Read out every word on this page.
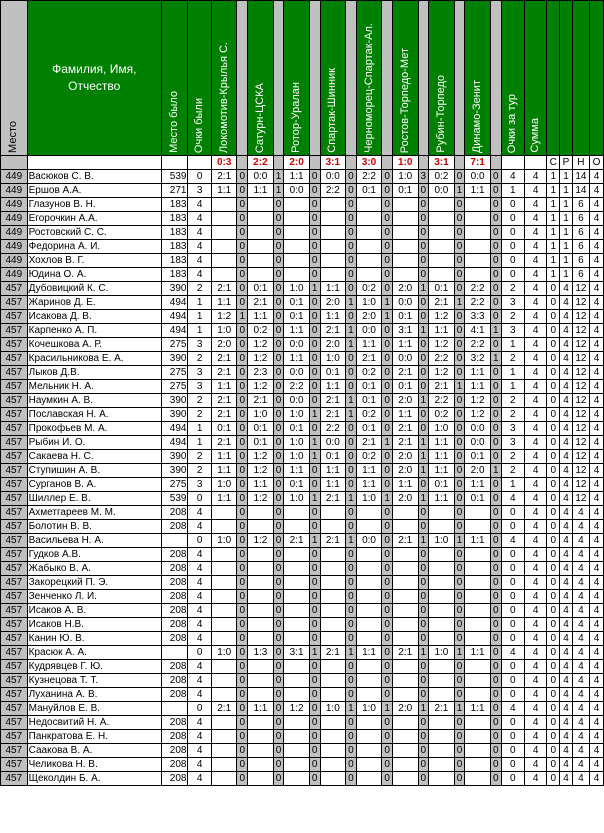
Место	Фамилия, Имя, Отчество	Место было	Очки были	Локомотив-Крылья С.		Сатурн-ЦСКА		Ротор-Уралан		Спартак-Шинник		Черноморец-Спартак-Ал.		Ростов-Торпедо-Мет		Рубин-Торпедо		Динамо-Зенит		Очки за тур	Сумма				

				0:3		2:2		2:0		3:1		3:0		1:0		3:1		7:1				С	Р	Н	О
449	Васюков С. В.	539	0	2:1	0	0:0	1	1:1	0	0:0	0	2:2	0	1:0	3	0:2	0	0:0	0	4	4	1	1	14	4
449	Ершов А.А.	271	3	1:1	0	1:1	1	0:0	0	2:2	0	0:1	0	0:1	0	0:0	1	1:1	0	1	4	1	1	14	4
449	Глазунов В. Н.	183	4		0		0		0		0		0		0		0		0	0	4	1	1	6	4
449	Егорочкин А.А.	183	4		0		0		0		0		0		0		0		0	0	4	1	1	6	4
449	Ростовский С. С.	183	4		0		0		0		0		0		0		0		0	0	4	1	1	6	4
449	Федорина А. И.	183	4		0		0		0		0		0		0		0		0	0	4	1	1	6	4
449	Хохлов В. Г.	183	4		0		0		0		0		0		0		0		0	0	4	1	1	6	4
449	Юдина О. А.	183	4		0		0		0		0		0		0		0		0	0	4	1	1	6	4
457	Дубовицкий К. С.	390	2	2:1	0	0:1	0	1:0	1	1:1	0	0:2	0	2:0	1	0:1	0	2:2	0	2	4	0	4	12	4
457	Жаринов Д. Е.	494	1	1:1	0	2:1	0	0:1	0	2:0	1	1:0	1	0:0	0	2:1	1	2:2	0	3	4	0	4	12	4
457	Исакова Д. В.	494	1	1:2	1	1:1	0	0:1	0	1:1	0	2:0	1	0:1	0	1:2	0	3:3	0	2	4	0	4	12	4
457	Карпенко А. П.	494	1	1:0	0	0:2	0	1:1	0	2:1	1	0:0	0	3:1	1	1:1	0	4:1	1	3	4	0	4	12	4
457	Кочешкова А. Р.	275	3	2:0	0	1:2	0	0:0	0	2:0	1	1:1	0	1:1	0	1:2	0	2:2	0	1	4	0	4	12	4
457	Красильникова Е. А.	390	2	2:1	0	1:2	0	1:1	0	1:0	0	2:1	0	0:0	0	2:2	0	3:2	1	2	4	0	4	12	4
457	Лыков Д.В.	275	3	2:1	0	2:3	0	0:0	0	0:1	0	0:2	0	2:1	0	1:2	0	1:1	0	1	4	0	4	12	4
457	Мельник Н. А.	275	3	1:1	0	1:2	0	2:2	0	1:1	0	0:1	0	0:1	0	2:1	1	1:1	0	1	4	0	4	12	4
457	Наумкин А. В.	390	2	2:1	0	2:1	0	0:0	0	2:1	1	0:1	0	2:0	1	2:2	0	1:2	0	2	4	0	4	12	4
457	Пославская Н. А.	390	2	2:1	0	1:0	0	1:0	1	2:1	1	0:2	0	1:1	0	0:2	0	1:2	0	2	4	0	4	12	4
457	Прокофьев М. А.	494	1	0:1	0	0:1	0	0:1	0	2:2	0	0:1	0	2:1	0	1:0	0	0:0	0	3	4	0	4	12	4
457	Рыбин И. О.	494	1	2:1	0	0:1	0	1:0	1	0:0	0	2:1	1	2:1	1	1:1	0	0:0	0	3	4	0	4	12	4
457	Сакаева Н. С.	390	2	1:1	0	1:2	0	1:0	1	0:1	0	0:2	0	2:0	1	1:1	0	0:1	0	2	4	0	4	12	4
457	Ступишин А. В.	390	2	1:1	0	1:2	0	1:1	0	1:1	0	1:1	0	2:0	1	1:1	0	2:0	1	2	4	0	4	12	4
457	Сурганов В. А.	275	3	1:0	0	1:1	0	0:1	0	1:1	0	1:1	0	1:1	0	0:1	0	1:1	0	1	4	0	4	12	4
457	Шиллер Е. В.	539	0	1:1	0	1:2	0	1:0	1	2:1	1	1:0	1	2:0	1	1:1	0	0:1	0	4	4	0	4	12	4
457	Ахметгареев М. М.	208	4		0		0		0		0		0		0		0		0	0	4	0	4	4	4
457	Болотин В. В.	208	4		0		0		0		0		0		0		0		0	0	4	0	4	4	4
457	Васильева Н. А.		0	1:0	0	1:2	0	2:1	1	2:1	1	0:0	0	2:1	1	1:0	1	1:1	0	4	4	0	4	4	4
457	Гудков А.В.	208	4		0		0		0		0		0		0		0		0	0	4	0	4	4	4
457	Жабыко В. А.	208	4		0		0		0		0		0		0		0		0	0	4	0	4	4	4
457	Закорецкий П. Э.	208	4		0		0		0		0		0		0		0		0	0	4	0	4	4	4
457	Зенченко Л. И.	208	4		0		0		0		0		0		0		0		0	0	4	0	4	4	4
457	Исаков А. В.	208	4		0		0		0		0		0		0		0		0	0	4	0	4	4	4
457	Исаков Н.В.	208	4		0		0		0		0		0		0		0		0	0	4	0	4	4	4
457	Канин Ю. В.	208	4		0		0		0		0		0		0		0		0	0	4	0	4	4	4
457	Красюк А. А.		0	1:0	0	1:3	0	3:1	1	2:1	1	1:1	0	2:1	1	1:0	1	1:1	0	4	4	0	4	4	4
457	Кудрявцев Г. Ю.	208	4		0		0		0		0		0		0		0		0	0	4	0	4	4	4
457	Кузнецова Т. Т.	208	4		0		0		0		0		0		0		0		0	0	4	0	4	4	4
457	Луханина А. В.	208	4		0		0		0		0		0		0		0		0	0	4	0	4	4	4
457	Мануйлов Е. В.		0	2:1	0	1:1	0	1:2	0	1:0	1	1:0	1	2:0	1	2:1	1	1:1	0	4	4	0	4	4	4
457	Недосвитий Н. А.	208	4		0		0		0		0		0		0		0		0	0	4	0	4	4	4
457	Панкратова Е. Н.	208	4		0		0		0		0		0		0		0		0	0	4	0	4	4	4
457	Саакова В. А.	208	4		0		0		0		0		0		0		0		0	0	4	0	4	4	4
457	Челикова Н. В.	208	4		0		0		0		0		0		0		0		0	0	4	0	4	4	4
457	Щеколдин Б. А.	208	4		0		0		0		0		0		0		0		0	0	4	0	4	4	4
